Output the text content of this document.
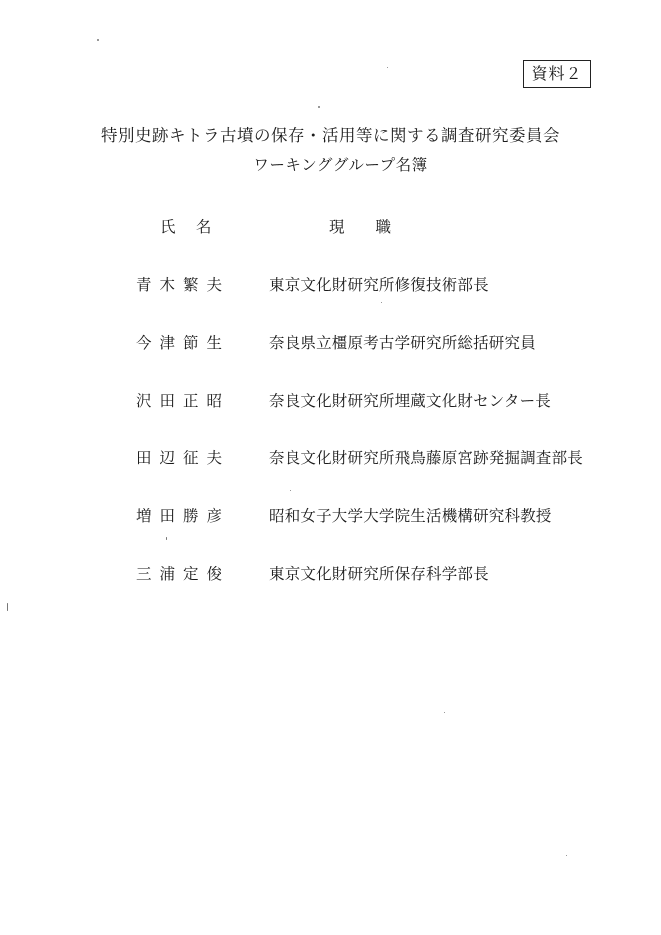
資料２
特別史跡キトラ古墳の保存・活用等に関する調査研究委員会
ワーキンググループ名簿
氏　 名	現　　職
青木繁夫	東京文化財研究所修復技術部長
今津節生	奈良県立橿原考古学研究所総括研究員
沢田正昭	奈良文化財研究所埋蔵文化財センター長
田辺征夫	奈良文化財研究所飛鳥藤原宮跡発掘調査部長
増田勝彦	昭和女子大学大学院生活機構研究科教授
三浦定俊	東京文化財研究所保存科学部長
